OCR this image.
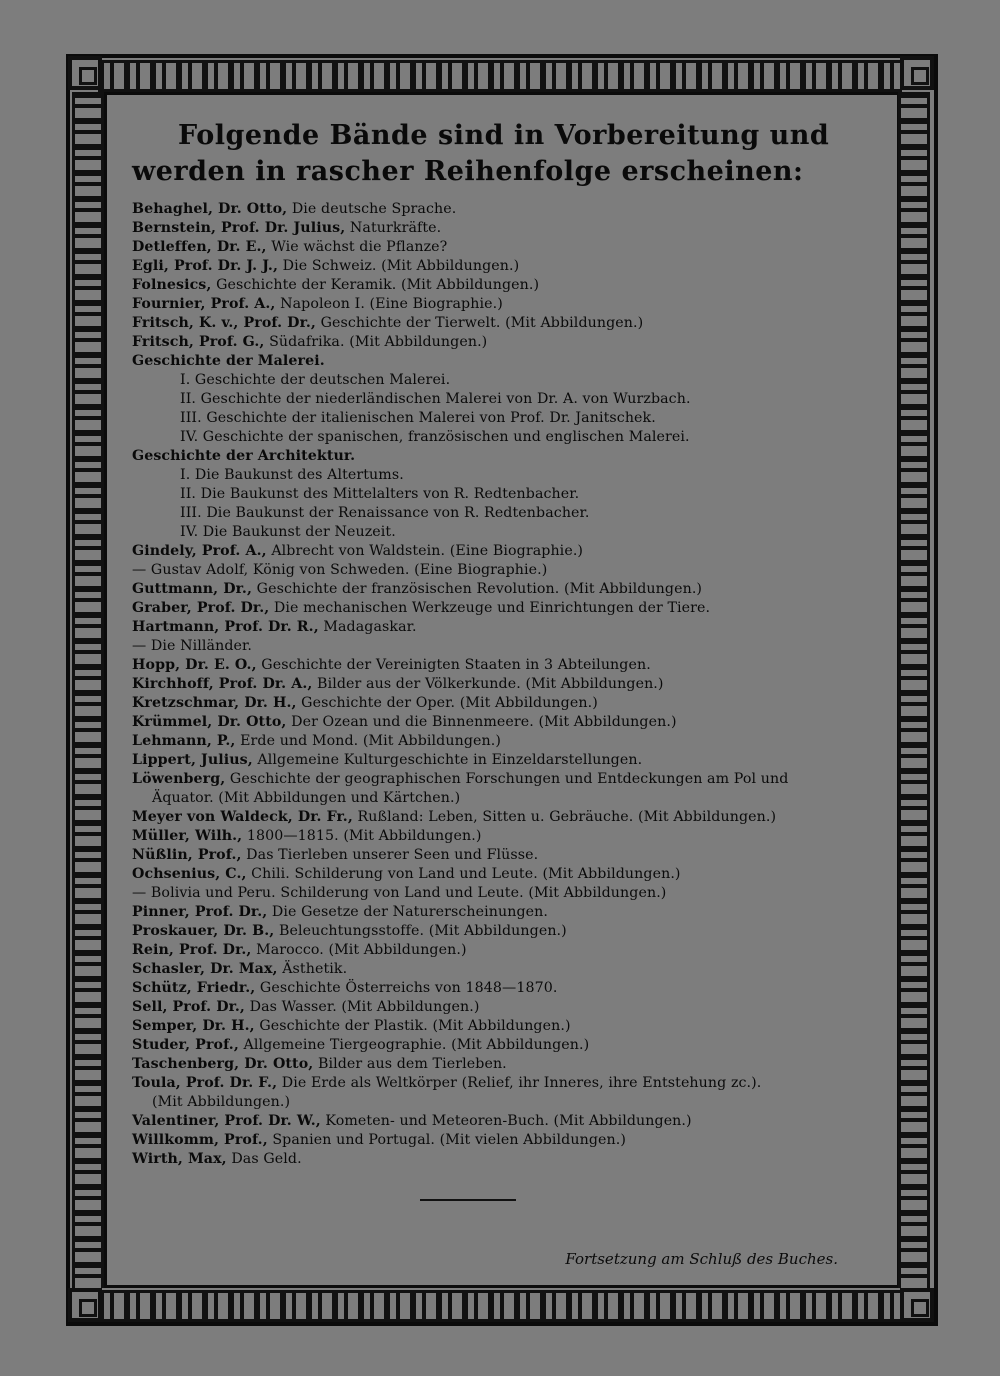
Folgende Bände sind in Vorbereitung und werden in rascher Reihenfolge erscheinen:
Behaghel, Dr. Otto, Die deutsche Sprache.
Bernstein, Prof. Dr. Julius, Naturkräfte.
Detleffen, Dr. E., Wie wächst die Pflanze?
Egli, Prof. Dr. J. J., Die Schweiz. (Mit Abbildungen.)
Folnesics, Geschichte der Keramik. (Mit Abbildungen.)
Fournier, Prof. A., Napoleon I. (Eine Biographie.)
Fritsch, K. v., Prof. Dr., Geschichte der Tierwelt. (Mit Abbildungen.)
Fritsch, Prof. G., Südafrika. (Mit Abbildungen.)
Geschichte der Malerei.
I. Geschichte der deutschen Malerei.
II. Geschichte der niederländischen Malerei von Dr. A. von Wurzbach.
III. Geschichte der italienischen Malerei von Prof. Dr. Janitschek.
IV. Geschichte der spanischen, französischen und englischen Malerei.
Geschichte der Architektur.
I. Die Baukunst des Altertums.
II. Die Baukunst des Mittelalters von R. Redtenbacher.
III. Die Baukunst der Renaissance von R. Redtenbacher.
IV. Die Baukunst der Neuzeit.
Gindely, Prof. A., Albrecht von Waldstein. (Eine Biographie.)
— Gustav Adolf, König von Schweden. (Eine Biographie.)
Guttmann, Dr., Geschichte der französischen Revolution. (Mit Abbildungen.)
Graber, Prof. Dr., Die mechanischen Werkzeuge und Einrichtungen der Tiere.
Hartmann, Prof. Dr. R., Madagaskar.
— Die Nilländer.
Hopp, Dr. E. O., Geschichte der Vereinigten Staaten in 3 Abteilungen.
Kirchhoff, Prof. Dr. A., Bilder aus der Völkerkunde. (Mit Abbildungen.)
Kretzschmar, Dr. H., Geschichte der Oper. (Mit Abbildungen.)
Krümmel, Dr. Otto, Der Ozean und die Binnenmeere. (Mit Abbildungen.)
Lehmann, P., Erde und Mond. (Mit Abbildungen.)
Lippert, Julius, Allgemeine Kulturgeschichte in Einzeldarstellungen.
Löwenberg, Geschichte der geographischen Forschungen und Entdeckungen am Pol und
Äquator. (Mit Abbildungen und Kärtchen.)
Meyer von Waldeck, Dr. Fr., Rußland: Leben, Sitten u. Gebräuche. (Mit Abbildungen.)
Müller, Wilh., 1800—1815. (Mit Abbildungen.)
Nüßlin, Prof., Das Tierleben unserer Seen und Flüsse.
Ochsenius, C., Chili. Schilderung von Land und Leute. (Mit Abbildungen.)
— Bolivia und Peru. Schilderung von Land und Leute. (Mit Abbildungen.)
Pinner, Prof. Dr., Die Gesetze der Naturerscheinungen.
Proskauer, Dr. B., Beleuchtungsstoffe. (Mit Abbildungen.)
Rein, Prof. Dr., Marocco. (Mit Abbildungen.)
Schasler, Dr. Max, Ästhetik.
Schütz, Friedr., Geschichte Österreichs von 1848—1870.
Sell, Prof. Dr., Das Wasser. (Mit Abbildungen.)
Semper, Dr. H., Geschichte der Plastik. (Mit Abbildungen.)
Studer, Prof., Allgemeine Tiergeographie. (Mit Abbildungen.)
Taschenberg, Dr. Otto, Bilder aus dem Tierleben.
Toula, Prof. Dr. F., Die Erde als Weltkörper (Relief, ihr Inneres, ihre Entstehung zc.).
(Mit Abbildungen.)
Valentiner, Prof. Dr. W., Kometen- und Meteoren-Buch. (Mit Abbildungen.)
Willkomm, Prof., Spanien und Portugal. (Mit vielen Abbildungen.)
Wirth, Max, Das Geld.
Fortsetzung am Schluß des Buches.
